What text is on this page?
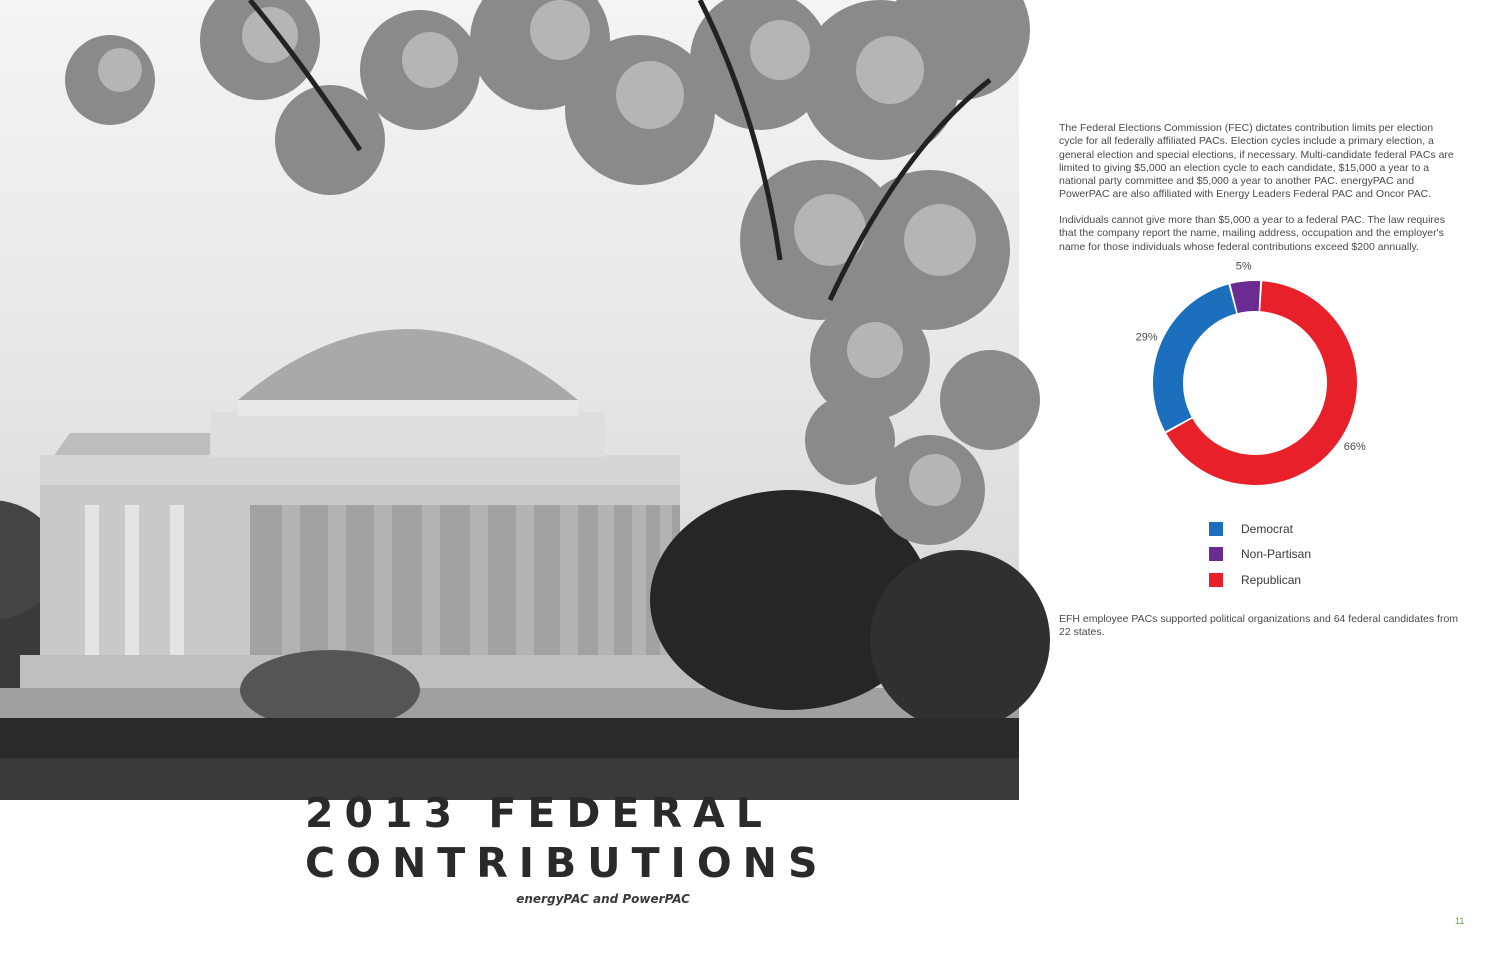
2013 FEDERAL
CONTRIBUTIONS
energyPAC and PowerPAC

The Federal Elections Commission (FEC) dictates contribution limits per election cycle for all federally affiliated PACs. Election cycles include a primary election, a general election and special elections, if necessary. Multi-candidate federal PACs are limited to giving $5,000 an election cycle to each candidate, $15,000 a year to a national party committee and $5,000 a year to another PAC. energyPAC and PowerPAC are also affiliated with Energy Leaders Federal PAC and Oncor PAC.

Individuals cannot give more than $5,000 a year to a federal PAC. The law requires that the company report the name, mailing address, occupation and the employer's name for those individuals whose federal contributions exceed $200 annually.

66%
29%
5%
Democrat
Non-Partisan
Republican

EFH employee PACs supported political organizations and 64 federal candidates from 22 states.

11
